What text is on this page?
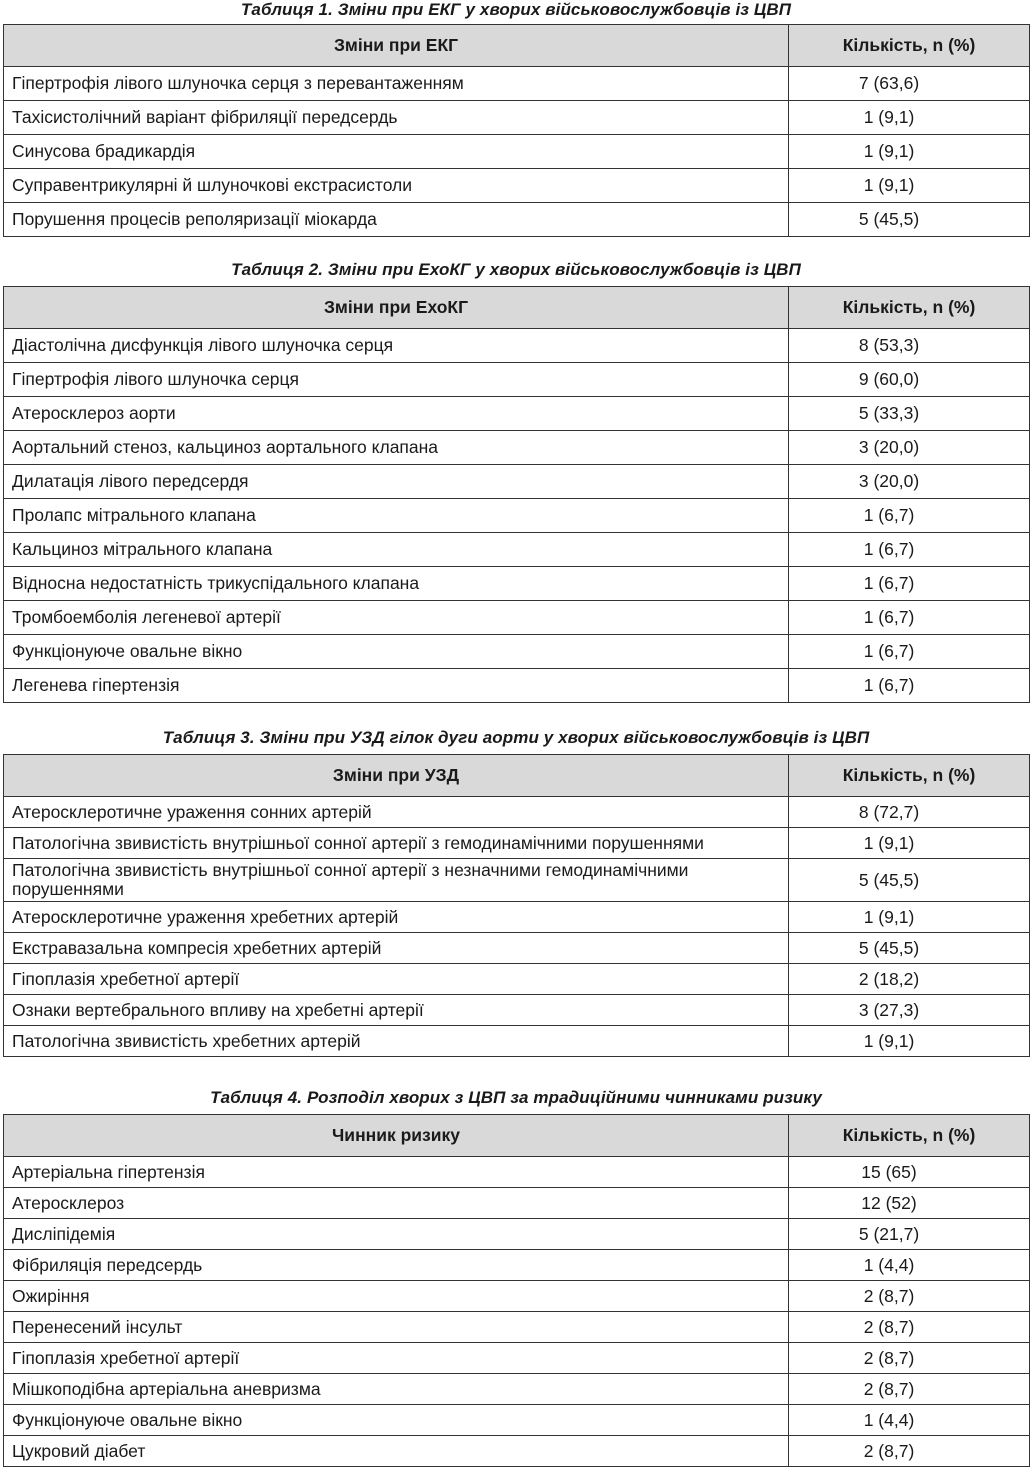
Таблиця 1. Зміни при ЕКГ у хворих військовослужбовців із ЦВП
Зміни при ЕКГ	Кількість, n (%)
Гіпертрофія лівого шлуночка серця з перевантаженням	7 (63,6)
Тахісистолічний варіант фібриляції передсердь	1 (9,1)
Синусова брадикардія	1 (9,1)
Суправентрикулярні й шлуночкові екстрасистоли	1 (9,1)
Порушення процесів реполяризації міокарда	5 (45,5)
Таблиця 2. Зміни при ЕхоКГ у хворих військовослужбовців із ЦВП
Зміни при ЕхоКГ	Кількість, n (%)
Діастолічна дисфункція лівого шлуночка серця	8 (53,3)
Гіпертрофія лівого шлуночка серця	9 (60,0)
Атеросклероз аорти	5 (33,3)
Аортальний стеноз, кальциноз аортального клапана	3 (20,0)
Дилатація лівого передсердя	3 (20,0)
Пролапс мітрального клапана	1 (6,7)
Кальциноз мітрального клапана	1 (6,7)
Відносна недостатність трикуспідального клапана	1 (6,7)
Тромбоемболія легеневої артерії	1 (6,7)
Функціонуюче овальне вікно	1 (6,7)
Легенева гіпертензія	1 (6,7)
Таблиця 3. Зміни при УЗД гілок дуги аорти у хворих військовослужбовців із ЦВП
Зміни при УЗД	Кількість, n (%)
Атеросклеротичне ураження сонних артерій	8 (72,7)
Патологічна звивистість внутрішньої сонної артерії з гемодинамічними порушеннями	1 (9,1)
Патологічна звивистість внутрішньої сонної артерії з незначними гемодинамічними порушеннями	5 (45,5)
Атеросклеротичне ураження хребетних артерій	1 (9,1)
Екстравазальна компресія хребетних артерій	5 (45,5)
Гіпоплазія хребетної артерії	2 (18,2)
Ознаки вертебрального впливу на хребетні артерії	3 (27,3)
Патологічна звивистість хребетних артерій	1 (9,1)
Таблиця 4. Розподіл хворих з ЦВП за традиційними чинниками ризику
Чинник ризику	Кількість, n (%)
Артеріальна гіпертензія	15 (65)
Атеросклероз	12 (52)
Дисліпідемія	5 (21,7)
Фібриляція передсердь	1 (4,4)
Ожиріння	2 (8,7)
Перенесений інсульт	2 (8,7)
Гіпоплазія хребетної артерії	2 (8,7)
Мішкоподібна артеріальна аневризма	2 (8,7)
Функціонуюче овальне вікно	1 (4,4)
Цукровий діабет	2 (8,7)
